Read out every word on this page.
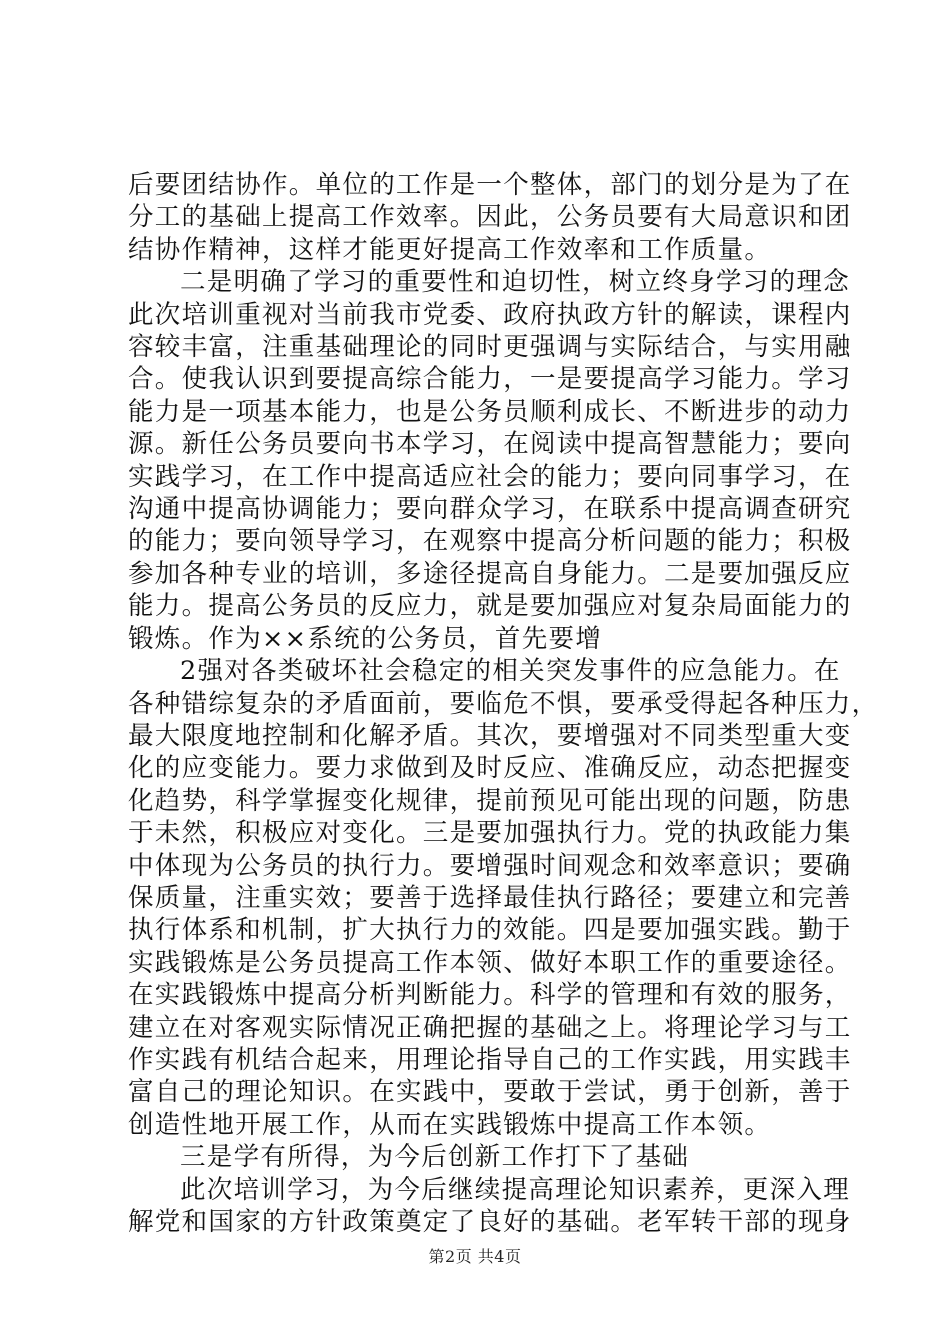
后要团结协作。单位的工作是一个整体，部门的划分是为了在
分工的基础上提高工作效率。因此，公务员要有大局意识和团
结协作精神，这样才能更好提高工作效率和工作质量。
二是明确了学习的重要性和迫切性，树立终身学习的理念
此次培训重视对当前我市党委、政府执政方针的解读，课程内
容较丰富，注重基础理论的同时更强调与实际结合，与实用融
合。使我认识到要提高综合能力，一是要提高学习能力。学习
能力是一项基本能力，也是公务员顺利成长、不断进步的动力
源。新任公务员要向书本学习，在阅读中提高智慧能力；要向
实践学习，在工作中提高适应社会的能力；要向同事学习，在
沟通中提高协调能力；要向群众学习，在联系中提高调查研究
的能力；要向领导学习，在观察中提高分析问题的能力；积极
参加各种专业的培训，多途径提高自身能力。二是要加强反应
能力。提高公务员的反应力，就是要加强应对复杂局面能力的
锻炼。作为××系统的公务员，首先要增
2强对各类破坏社会稳定的相关突发事件的应急能力。在
各种错综复杂的矛盾面前，要临危不惧，要承受得起各种压力，
最大限度地控制和化解矛盾。其次，要增强对不同类型重大变
化的应变能力。要力求做到及时反应、准确反应，动态把握变
化趋势，科学掌握变化规律，提前预见可能出现的问题，防患
于未然，积极应对变化。三是要加强执行力。党的执政能力集
中体现为公务员的执行力。要增强时间观念和效率意识；要确
保质量，注重实效；要善于选择最佳执行路径；要建立和完善
执行体系和机制，扩大执行力的效能。四是要加强实践。勤于
实践锻炼是公务员提高工作本领、做好本职工作的重要途径。
在实践锻炼中提高分析判断能力。科学的管理和有效的服务，
建立在对客观实际情况正确把握的基础之上。将理论学习与工
作实践有机结合起来，用理论指导自己的工作实践，用实践丰
富自己的理论知识。在实践中，要敢于尝试，勇于创新，善于
创造性地开展工作，从而在实践锻炼中提高工作本领。
三是学有所得，为今后创新工作打下了基础
此次培训学习，为今后继续提高理论知识素养，更深入理
解党和国家的方针政策奠定了良好的基础。老军转干部的现身
第2页 共4页
